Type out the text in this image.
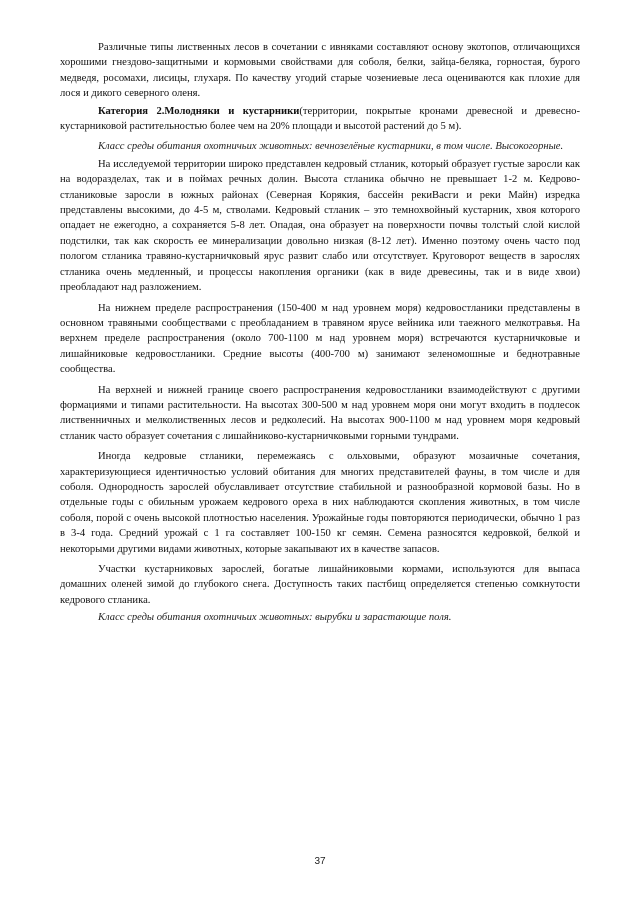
Различные типы лиственных лесов в сочетании с ивняками составляют основу экотопов, отличающихся хорошими гнездово-защитными и кормовыми свойствами для соболя, белки, зайца-беляка, горностая, бурого медведя, росомахи, лисицы, глухаря. По качеству угодий старые чозениевые леса оцениваются как плохие для лося и дикого северного оленя.

Категория 2.Молодняки и кустарники(территории, покрытые кронами древесной и древесно-кустарниковой растительностью более чем на 20% площади и высотой растений до 5 м).

Класс среды обитания охотничьих животных: вечнозелёные кустарники, в том числе. Высокогорные.

На исследуемой территории широко представлен кедровый стланик, который образует густые заросли как на водоразделах, так и в поймах речных долин. Высота стланика обычно не превышает 1-2 м. Кедрово-стланиковые заросли в южных районах (Северная Корякия, бассейн рекиВасги и реки Майн) изредка представлены высокими, до 4-5 м, стволами. Кедровый стланик – это темнохвойный кустарник, хвоя которого опадает не ежегодно, а сохраняется 5-8 лет. Опадая, она образует на поверхности почвы толстый слой кислой подстилки, так как скорость ее минерализации довольно низкая (8-12 лет). Именно поэтому очень часто под пологом стланика травяно-кустарничковый ярус развит слабо или отсутствует. Круговорот веществ в зарослях стланика очень медленный, и процессы накопления органики (как в виде древесины, так и в виде хвои) преобладают над разложением.

На нижнем пределе распространения (150-400 м над уровнем моря) кедровостланики представлены в основном травяными сообществами с преобладанием в травяном ярусе вейника или таежного мелкотравья. На верхнем пределе распространения (около 700-1100 м над уровнем моря) встречаются кустарничковые и лишайниковые кедровостланики. Средние высоты (400-700 м) занимают зеленомошные и беднотравные сообщества.

На верхней и нижней границе своего распространения кедровостланики взаимодействуют с другими формациями и типами растительности. На высотах 300-500 м над уровнем моря они могут входить в подлесок лиственничных и мелколиственных лесов и редколесий. На высотах 900-1100 м над уровнем моря кедровый стланик часто образует сочетания с лишайниково-кустарничковыми горными тундрами.

Иногда кедровые стланики, перемежаясь с ольховыми, образуют мозаичные сочетания, характеризующиеся идентичностью условий обитания для многих представителей фауны, в том числе и для соболя. Однородность зарослей обуславливает отсутствие стабильной и разнообразной кормовой базы. Но в отдельные годы с обильным урожаем кедрового ореха в них наблюдаются скопления животных, в том числе соболя, порой с очень высокой плотностью населения. Урожайные годы повторяются периодически, обычно 1 раз в 3-4 года. Средний урожай с 1 га составляет 100-150 кг семян. Семена разносятся кедровкой, белкой и некоторыми другими видами животных, которые закапывают их в качестве запасов.

Участки кустарниковых зарослей, богатые лишайниковыми кормами, используются для выпаса домашних оленей зимой до глубокого снега. Доступность таких пастбищ определяется степенью сомкнутости кедрового стланика.

Класс среды обитания охотничьих животных: вырубки и зарастающие поля.

37
